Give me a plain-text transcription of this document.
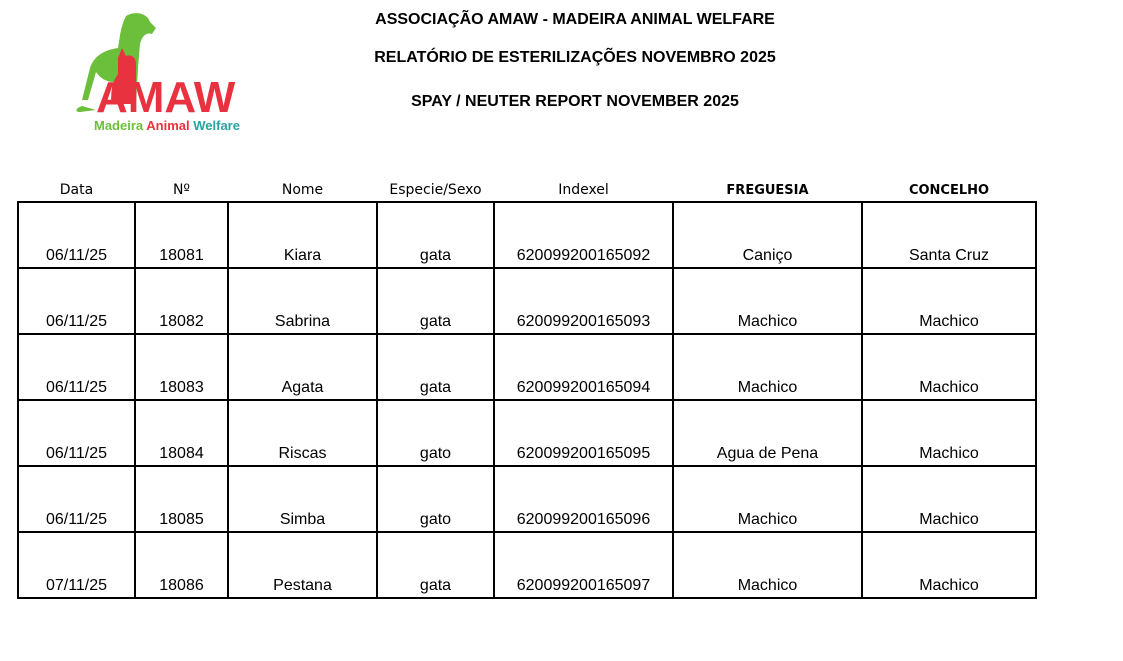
AMAW
Madeira Animal Welfare
ASSOCIAÇÃO AMAW - MADEIRA ANIMAL WELFARE
RELATÓRIO DE ESTERILIZAÇÕES NOVEMBRO 2025
SPAY / NEUTER REPORT NOVEMBER 2025
Data	Nº	Nome	Especie/Sexo	Indexel	FREGUESIA	CONCELHO
06/11/25	18081	Kiara	gata	620099200165092	Caniço	Santa Cruz
06/11/25	18082	Sabrina	gata	620099200165093	Machico	Machico
06/11/25	18083	Agata	gata	620099200165094	Machico	Machico
06/11/25	18084	Riscas	gato	620099200165095	Agua de Pena	Machico
06/11/25	18085	Simba	gato	620099200165096	Machico	Machico
07/11/25	18086	Pestana	gata	620099200165097	Machico	Machico
